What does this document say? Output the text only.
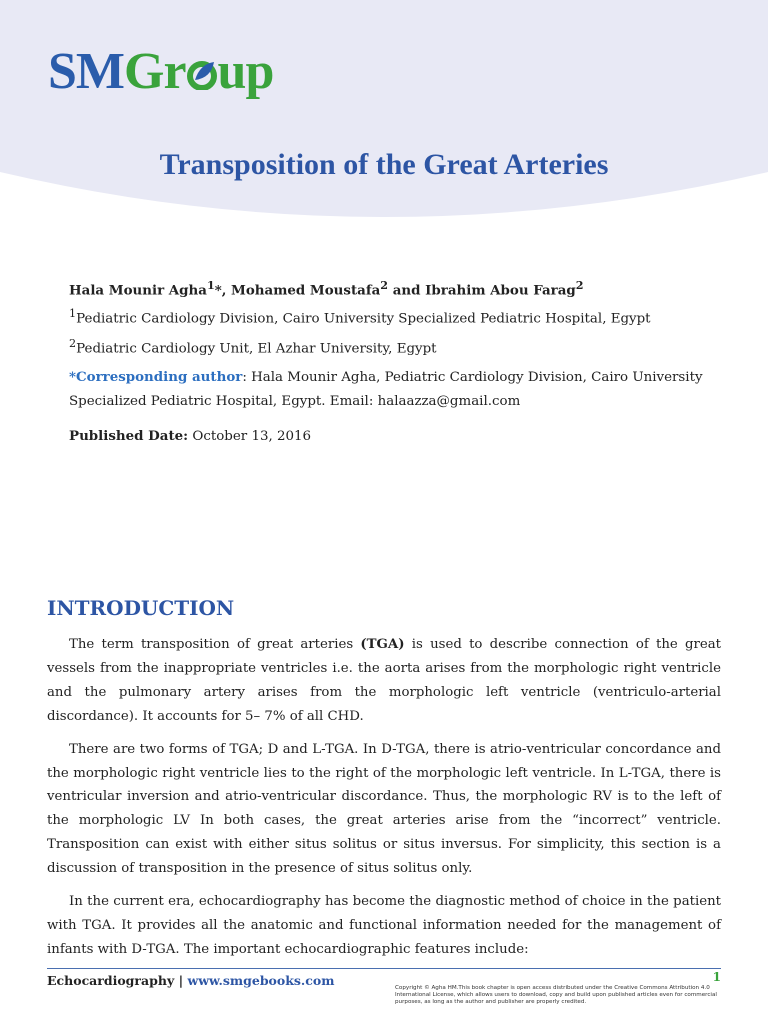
SMGr up
Transposition of the Great Arteries

Hala Mounir Agha$^1$*, Mohamed Moustafa$^2$ and Ibrahim Abou Farag$^2$

$^1$Pediatric Cardiology Division, Cairo University Specialized Pediatric Hospital, Egypt

$^2$Pediatric Cardiology Unit, El Azhar University, Egypt

*Corresponding author: Hala Mounir Agha, Pediatric Cardiology Division, Cairo University Specialized Pediatric Hospital, Egypt. Email: halaazza@gmail.com

Published Date: October 13, 2016

INTRODUCTION

The term transposition of great arteries (TGA) is used to describe connection of the great vessels from the inappropriate ventricles i.e. the aorta arises from the morphologic right ventricle and the pulmonary artery arises from the morphologic left ventricle (ventriculo-arterial discordance). It accounts for 5– 7% of all CHD.

There are two forms of TGA; D and L-TGA. In D-TGA, there is atrio-ventricular concordance and the morphologic right ventricle lies to the right of the morphologic left ventricle. In L-TGA, there is ventricular inversion and atrio-ventricular discordance. Thus, the morphologic RV is to the left of the morphologic LV In both cases, the great arteries arise from the “incorrect” ventricle. Transposition can exist with either situs solitus or situs inversus. For simplicity, this section is a discussion of transposition in the presence of situs solitus only.

In the current era, echocardiography has become the diagnostic method of choice in the patient with TGA. It provides all the anatomic and functional information needed for the management of infants with D-TGA. The important echocardiographic features include:

Echocardiography | www.smgebooks.com	1
Copyright © Agha HM.This book chapter is open access distributed under the Creative Commons Attribution 4.0 International License, which allows users to download, copy and build upon published articles even for commercial purposes, as long as the author and publisher are properly credited.
